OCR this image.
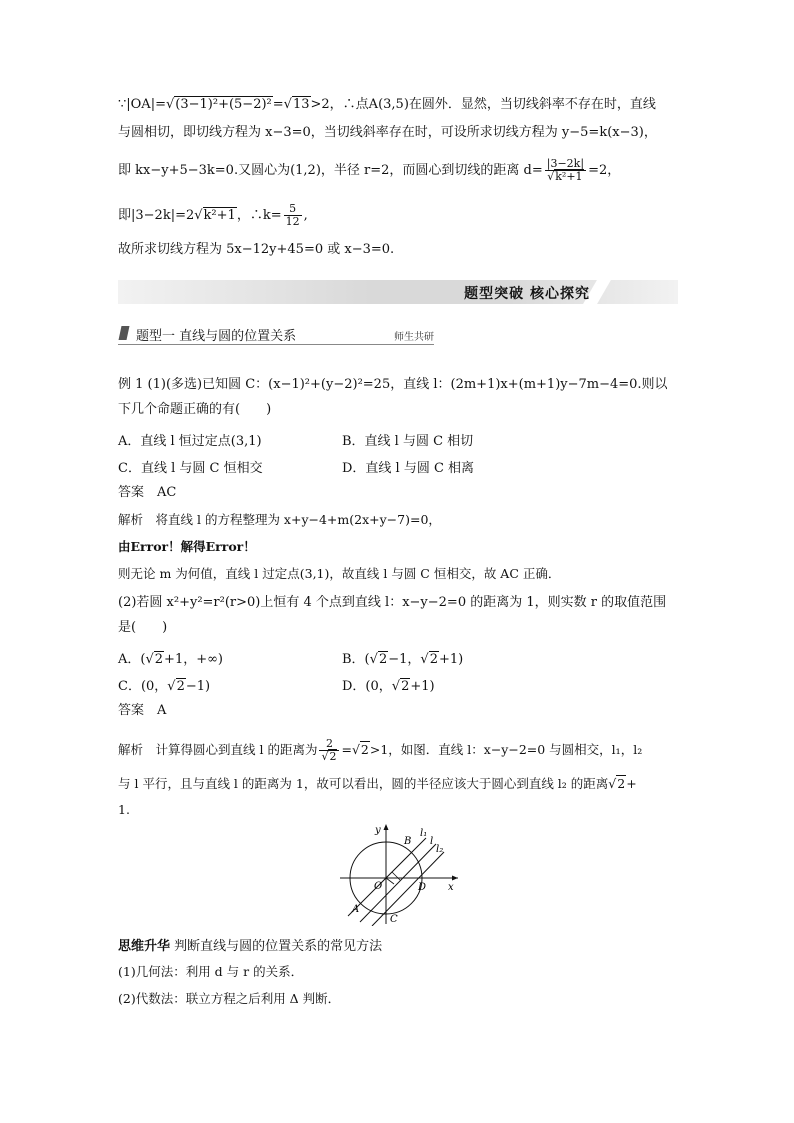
∵|OA|=√(3−1)²+(5−2)²=√13>2，∴点A(3,5)在圆外．显然，当切线斜率不存在时，直线
与圆相切，即切线方程为 x−3=0，当切线斜率存在时，可设所求切线方程为 y−5=k(x−3)，
即 kx−y+5−3k=0.又圆心为(1,2)，半径 r=2，而圆心到切线的距离 $d= \frac{|3-2k|}{\text{√k²+1}} =2$，
即|3−2k|=2√k²+1，∴k= $\frac{5}{12}$ ,
故所求切线方程为 5x−12y+45=0 或 x−3=0.
题型突破 核心探究
题型一 直线与圆的位置关系	师生共研
例 1 (1)(多选)已知圆 C：(x−1)²+(y−2)²=25，直线 l：(2m+1)x+(m+1)y−7m−4=0.则以
下几个命题正确的有(　　)
A．直线 l 恒过定点(3,1)	B．直线 l 与圆 C 相切
C．直线 l 与圆 C 恒相交	D．直线 l 与圆 C 相离
答案　AC
解析　将直线 l 的方程整理为 x+y−4+m(2x+y−7)=0，
由Error！解得Error！
则无论 m 为何值，直线 l 过定点(3,1)，故直线 l 与圆 C 恒相交，故 AC 正确．
(2)若圆 x²+y²=r²(r>0)上恒有 4 个点到直线 l：x−y−2=0 的距离为 1，则实数 r 的取值范围
是(　　)
A．(√2+1，+∞)	B．(√2−1，√2+1)
C．(0，√2−1)	D．(0，√2+1)
答案　A
解析　计算得圆心到直线 l 的距离为 $\frac{2}{√2} =√2>1$，如图．直线 l：x−y−2=0 与圆相交，l₁，l₂
与 l 平行，且与直线 l 的距离为 1，故可以看出，圆的半径应该大于圆心到直线 l₂ 的距离√2+
1.
y
x
O
A
B
C
D
l₁
l
l₂
思维升华 判断直线与圆的位置关系的常见方法
(1)几何法：利用 d 与 r 的关系．
(2)代数法：联立方程之后利用 Δ 判断．
